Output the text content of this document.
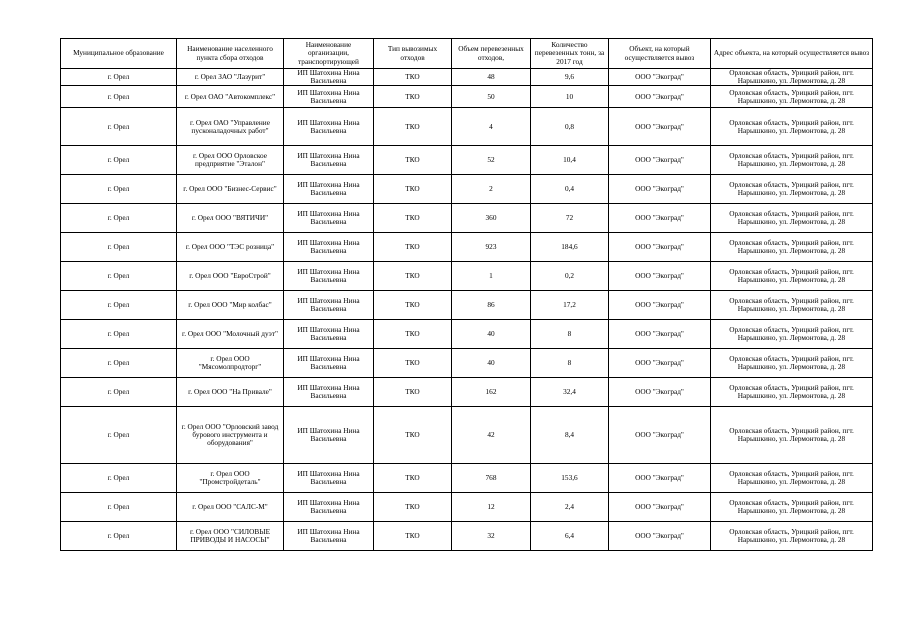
Муниципальное образование	Наименование населенного пункта сбора отходов	Наименование организации, транспортирующей	Тип вывозимых отходов	Объем перевезенных отходов,	Количество перевезенных тонн, за 2017 год	Объект, на который осуществляется вывоз	Адрес объекта, на который осуществляется вывоз
г. Орел	г. Орел ЗАО "Лазурит"	ИП Шатохина Нина Васильевна	ТКО	48	9,6	ООО "Экоград"	Орловская область, Урицкий район, пгт. Нарышкино, ул. Лермонтова, д. 28
г. Орел	г. Орел ОАО "Автокомплекс"	ИП Шатохина Нина Васильевна	ТКО	50	10	ООО "Экоград"	Орловская область, Урицкий район, пгт. Нарышкино, ул. Лермонтова, д. 28
г. Орел	г. Орел ОАО "Управление пусконаладочных работ"	ИП Шатохина Нина Васильевна	ТКО	4	0,8	ООО "Экоград"	Орловская область, Урицкий район, пгт. Нарышкино, ул. Лермонтова, д. 28
г. Орел	г. Орел ООО Орловское предприятие "Эталон"	ИП Шатохина Нина Васильевна	ТКО	52	10,4	ООО "Экоград"	Орловская область, Урицкий район, пгт. Нарышкино, ул. Лермонтова, д. 28
г. Орел	г. Орел ООО "Бизнес-Сервис"	ИП Шатохина Нина Васильевна	ТКО	2	0,4	ООО "Экоград"	Орловская область, Урицкий район, пгт. Нарышкино, ул. Лермонтова, д. 28
г. Орел	г. Орел ООО "ВЯТИЧИ"	ИП Шатохина Нина Васильевна	ТКО	360	72	ООО "Экоград"	Орловская область, Урицкий район, пгт. Нарышкино, ул. Лермонтова, д. 28
г. Орел	г. Орел ООО "ТЭС розница"	ИП Шатохина Нина Васильевна	ТКО	923	184,6	ООО "Экоград"	Орловская область, Урицкий район, пгт. Нарышкино, ул. Лермонтова, д. 28
г. Орел	г. Орел ООО "ЕвроСтрой"	ИП Шатохина Нина Васильевна	ТКО	1	0,2	ООО "Экоград"	Орловская область, Урицкий район, пгт. Нарышкино, ул. Лермонтова, д. 28
г. Орел	г. Орел ООО "Мир колбас"	ИП Шатохина Нина Васильевна	ТКО	86	17,2	ООО "Экоград"	Орловская область, Урицкий район, пгт. Нарышкино, ул. Лермонтова, д. 28
г. Орел	г. Орел ООО "Молочный дуэт"	ИП Шатохина Нина Васильевна	ТКО	40	8	ООО "Экоград"	Орловская область, Урицкий район, пгт. Нарышкино, ул. Лермонтова, д. 28
г. Орел	г. Орел ООО "Мясомолпродторг"	ИП Шатохина Нина Васильевна	ТКО	40	8	ООО "Экоград"	Орловская область, Урицкий район, пгт. Нарышкино, ул. Лермонтова, д. 28
г. Орел	г. Орел ООО "На Привале"	ИП Шатохина Нина Васильевна	ТКО	162	32,4	ООО "Экоград"	Орловская область, Урицкий район, пгт. Нарышкино, ул. Лермонтова, д. 28
г. Орел	г. Орел ООО "Орловский завод бурового инструмента и оборудования"	ИП Шатохина Нина Васильевна	ТКО	42	8,4	ООО "Экоград"	Орловская область, Урицкий район, пгт. Нарышкино, ул. Лермонтова, д. 28
г. Орел	г. Орел ООО "Промстройдеталь"	ИП Шатохина Нина Васильевна	ТКО	768	153,6	ООО "Экоград"	Орловская область, Урицкий район, пгт. Нарышкино, ул. Лермонтова, д. 28
г. Орел	г. Орел ООО "САЛС-М"	ИП Шатохина Нина Васильевна	ТКО	12	2,4	ООО "Экоград"	Орловская область, Урицкий район, пгт. Нарышкино, ул. Лермонтова, д. 28
г. Орел	г. Орел ООО "СИЛОВЫЕ ПРИВОДЫ И НАСОСЫ"	ИП Шатохина Нина Васильевна	ТКО	32	6,4	ООО "Экоград"	Орловская область, Урицкий район, пгт. Нарышкино, ул. Лермонтова, д. 28
